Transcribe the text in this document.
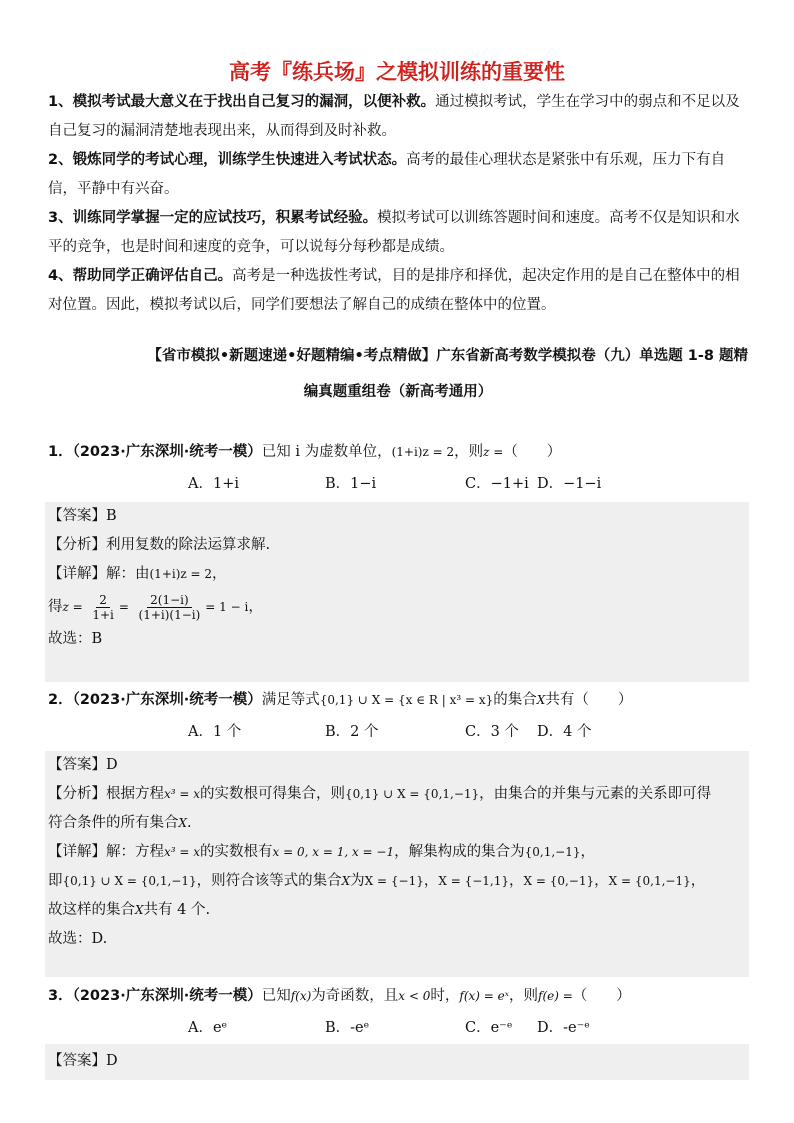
高考『练兵场』之模拟训练的重要性

1、模拟考试最大意义在于找出自己复习的漏洞，以便补救。通过模拟考试，学生在学习中的弱点和不足以及自己复习的漏洞清楚地表现出来，从而得到及时补救。

2、锻炼同学的考试心理，训练学生快速进入考试状态。高考的最佳心理状态是紧张中有乐观，压力下有自信，平静中有兴奋。

3、训练同学掌握一定的应试技巧，积累考试经验。模拟考试可以训练答题时间和速度。高考不仅是知识和水平的竞争，也是时间和速度的竞争，可以说每分每秒都是成绩。

4、帮助同学正确评估自己。高考是一种选拔性考试，目的是排序和择优，起决定作用的是自己在整体中的相对位置。因此，模拟考试以后，同学们要想法了解自己的成绩在整体中的位置。

【省市模拟•新题速递•好题精编•考点精做】广东省新高考数学模拟卷（九）单选题 1-8 题精
编真题重组卷（新高考通用）
1．（2023·广东深圳·统考一模）已知 i 为虚数单位，(1+i)z = 2，则z =（　　）
A．1+i	B．1−i	C．−1+i D．−1−i

【答案】B

【分析】利用复数的除法运算求解.

【详解】解：由(1+i)z = 2，

得$z = \frac{2}{1+i} = \frac{2(1-i)}{(1+i)(1-i)} = 1 - i$，

故选：B

2．（2023·广东深圳·统考一模）满足等式{0,1} ∪ X = {x ∈ R | x³ = x}的集合X共有（　　）
A．1 个	B．2 个	C．3 个	D．4 个

【答案】D

【分析】根据方程x³ = x的实数根可得集合，则{0,1} ∪ X = {0,1,−1}，由集合的并集与元素的关系即可得

符合条件的所有集合X.

【详解】解：方程x³ = x的实数根有x = 0, x = 1, x = −1，解集构成的集合为{0,1,−1}，

即{0,1} ∪ X = {0,1,−1}，则符合该等式的集合X为X = {−1}，X = {−1,1}，X = {0,−1}，X = {0,1,−1}，

故这样的集合X共有 4 个.

故选：D.

3．（2023·广东深圳·统考一模）已知f(x)为奇函数，且x < 0时，f(x) = eˣ，则f(e) =（　　）
A．eᵉ	B．-eᵉ	C．e⁻ᵉ	D．-e⁻ᵉ

【答案】D
